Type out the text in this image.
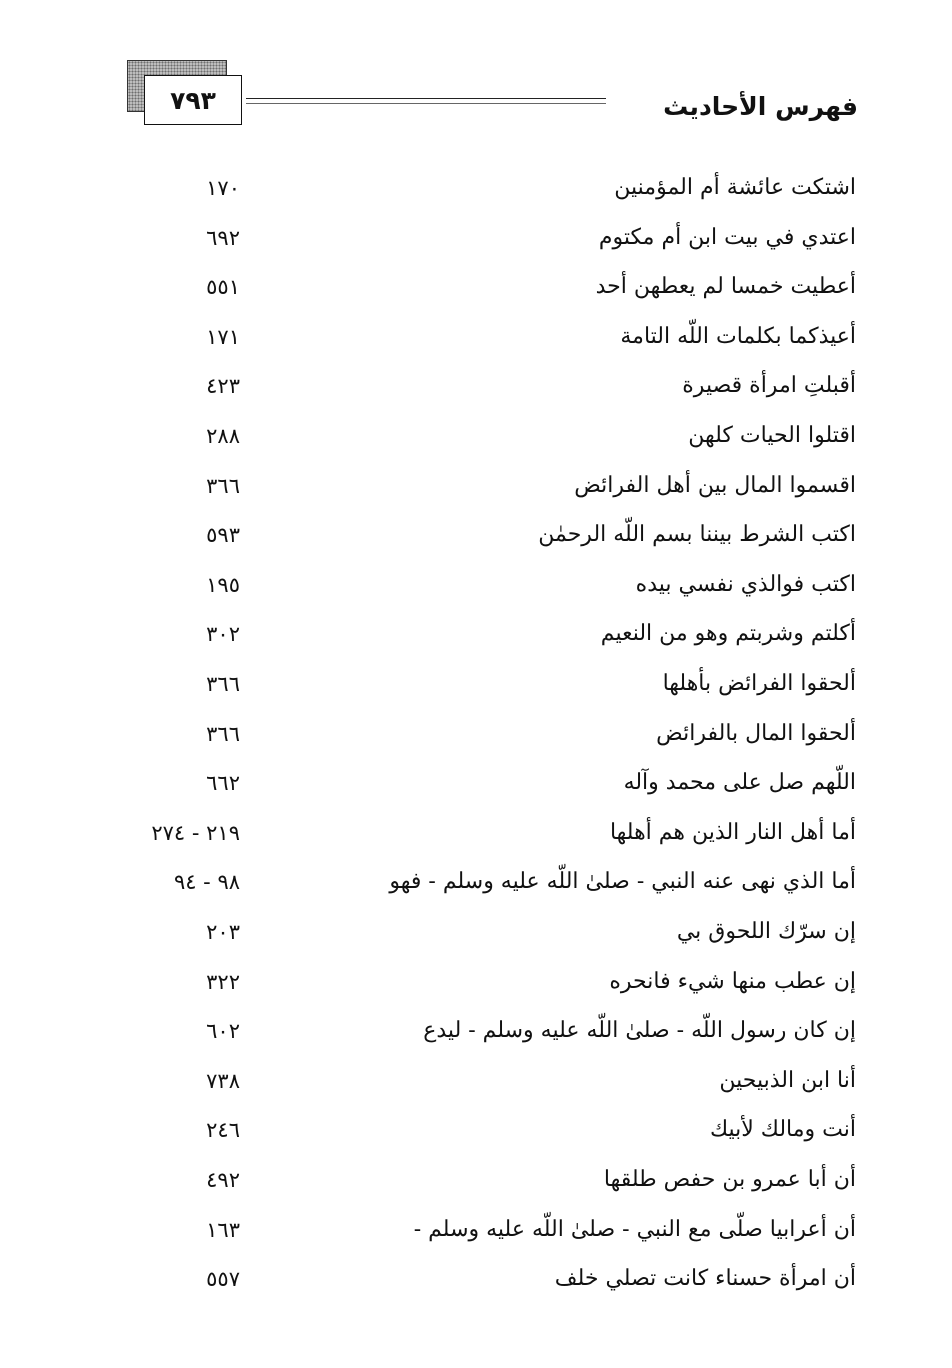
٧٩٣	فهرس الأحاديث
اشتكت عائشة أم المؤمنين
١٧٠
اعتدي في بيت ابن أم مكتوم
٦٩٢
أعطيت خمسا لم يعطهن أحد
٥٥١
أعيذكما بكلمات اللّه التامة
١٧١
أقبلتِ امرأة قصيرة
٤٢٣
اقتلوا الحيات كلهن
٢٨٨
اقسموا المال بين أهل الفرائض
٣٦٦
اكتب الشرط بيننا بسم اللّه الرحمٰن
٥٩٣
اكتب فوالذي نفسي بيده
١٩٥
أكلتم وشربتم وهو من النعيم
٣٠٢
ألحقوا الفرائض بأهلها
٣٦٦
ألحقوا المال بالفرائض
٣٦٦
اللّهم صل على محمد وآله
٦٦٢
أما أهل النار الذين هم أهلها
٢١٩ - ٢٧٤
أما الذي نهى عنه النبي - صلىٰ اللّه عليه وسلم - فهو
٩٨ - ٩٤
إن سرّك اللحوق بي
٢٠٣
إن عطب منها شيء فانحره
٣٢٢
إن كان رسول اللّه - صلىٰ اللّه عليه وسلم - ليدع
٦٠٢
أنا ابن الذبيحين
٧٣٨
أنت ومالك لأبيك
٢٤٦
أن أبا عمرو بن حفص طلقها
٤٩٢
أن أعرابيا صلّى مع النبي - صلىٰ اللّه عليه وسلم -
١٦٣
أن امرأة حسناء كانت تصلي خلف
٥٥٧
